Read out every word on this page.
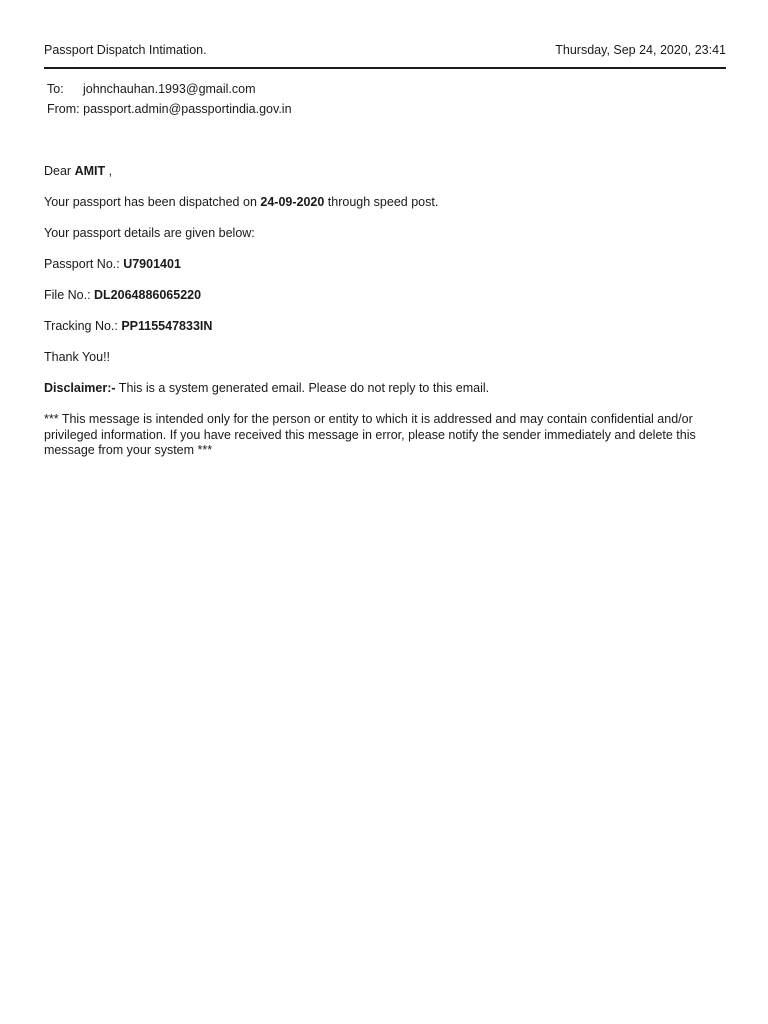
Passport Dispatch Intimation.	Thursday, Sep 24, 2020, 23:41
To: johnchauhan.1993@gmail.com
From: passport.admin@passportindia.gov.in

Dear AMIT ,

Your passport has been dispatched on 24-09-2020 through speed post.

Your passport details are given below:

Passport No.: U7901401

File No.: DL2064886065220

Tracking No.: PP115547833IN

Thank You!!

Disclaimer:- This is a system generated email. Please do not reply to this email.

*** This message is intended only for the person or entity to which it is addressed and may contain confidential and/or privileged information. If you have received this message in error, please notify the sender immediately and delete this message from your system ***
